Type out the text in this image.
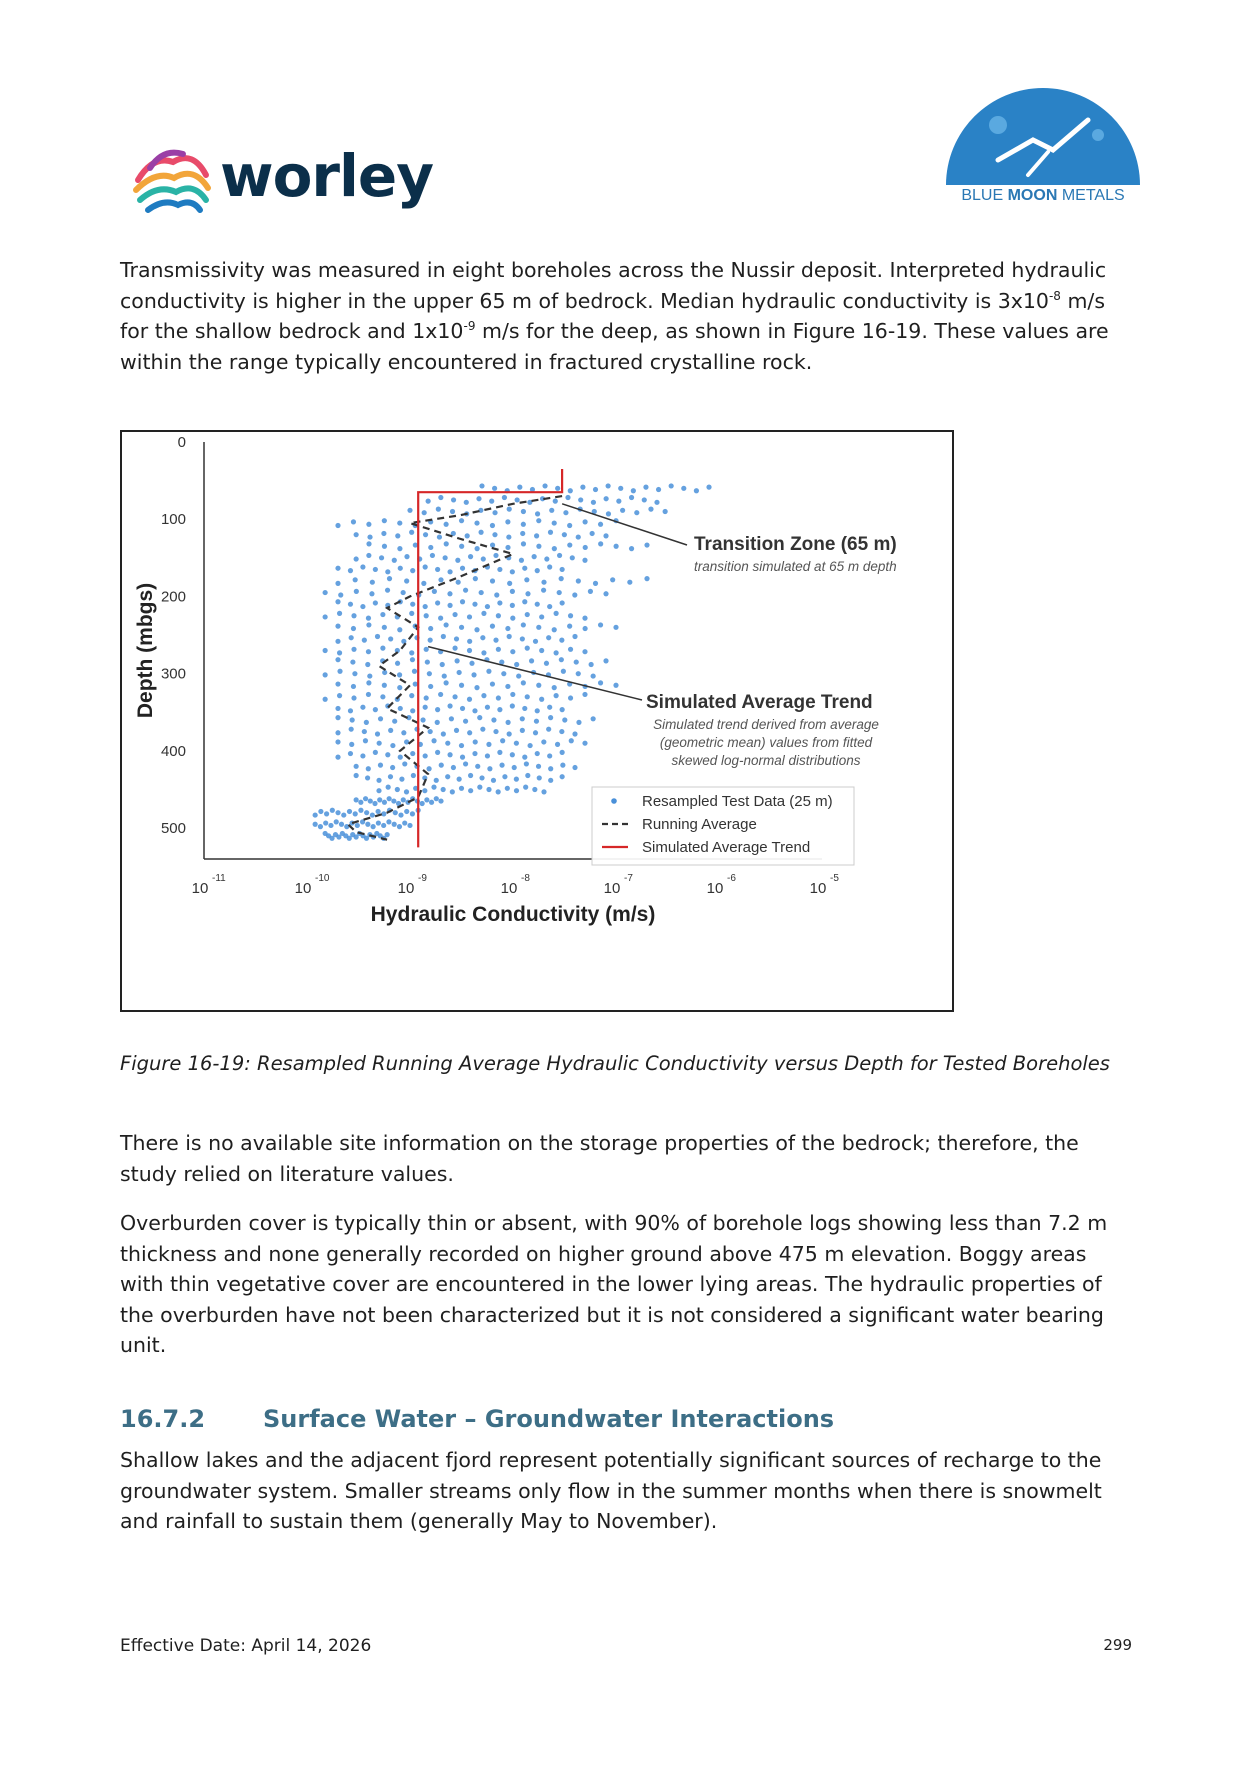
worley	BLUE MOON METALS
Transmissivity was measured in eight boreholes across the Nussir deposit. Interpreted hydraulic conductivity is higher in the upper 65 m of bedrock. Median hydraulic conductivity is $3x10^{-8}$ m/s for the shallow bedrock and $1x10^{-9}$ m/s for the deep, as shown in Figure 16-19. These values are within the range typically encountered in fractured crystalline rock.
0
100
200
300
400
500
10
-11
10
-10
10
-9
10
-8
10
-7
10
-6
10
-5
Hydraulic Conductivity (m/s)
Depth (mbgs)
Transition Zone (65 m)
transition simulated at 65 m depth
Simulated Average Trend
Simulated trend derived from average
(geometric mean) values from fitted
skewed log-normal distributions
Resampled Test Data (25 m)
Running Average
Simulated Average Trend
Figure 16-19: Resampled Running Average Hydraulic Conductivity versus Depth for Tested Boreholes
There is no available site information on the storage properties of the bedrock; therefore, the study relied on literature values.
Overburden cover is typically thin or absent, with 90% of borehole logs showing less than 7.2 m thickness and none generally recorded on higher ground above 475 m elevation. Boggy areas with thin vegetative cover are encountered in the lower lying areas. The hydraulic properties of the overburden have not been characterized but it is not considered a significant water bearing unit.
16.7.2 Surface Water – Groundwater Interactions
Shallow lakes and the adjacent fjord represent potentially significant sources of recharge to the groundwater system. Smaller streams only flow in the summer months when there is snowmelt and rainfall to sustain them (generally May to November).
Effective Date: April 14, 2026	299
